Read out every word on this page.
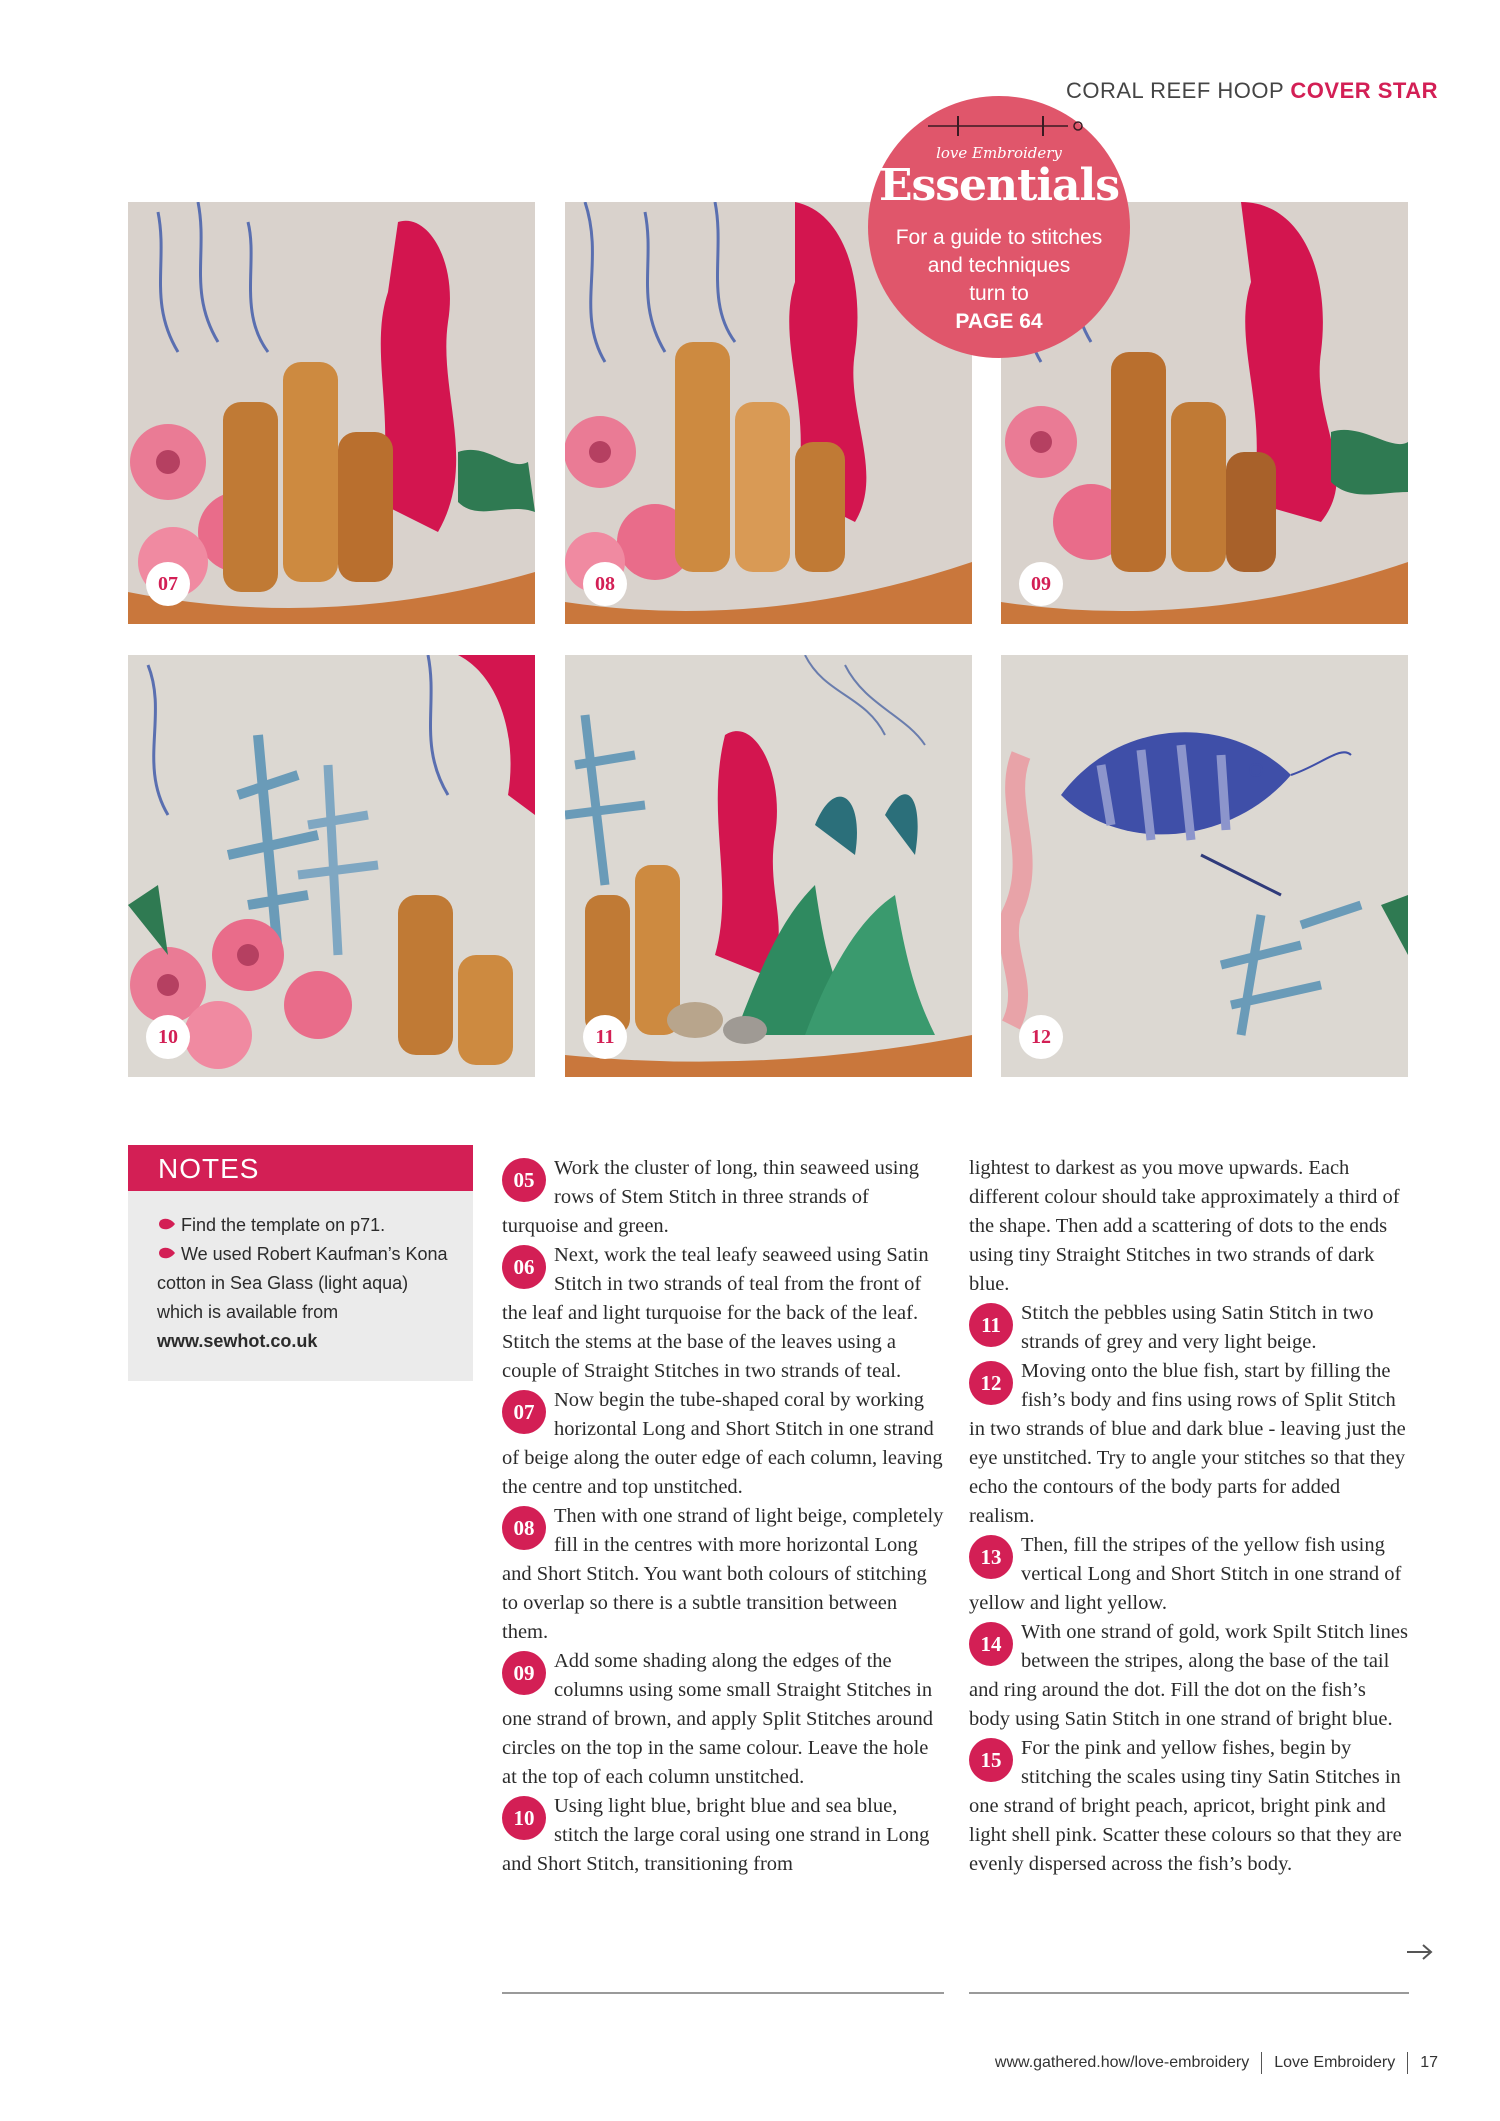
CORAL REEF HOOP COVER STAR
07	08	09
10	11	12
love Embroidery
Essentials
For a guide to stitches
and techniques
turn to
PAGE 64
NOTES
Find the template on p71.
We used Robert Kaufman’s Kona cotton in Sea Glass (light aqua) which is available from www.sewhot.co.uk

05 Work the cluster of long, thin seaweed using rows of Stem Stitch in three strands of turquoise and green.

06 Next, work the teal leafy seaweed using Satin Stitch in two strands of teal from the front of the leaf and light turquoise for the back of the leaf. Stitch the stems at the base of the leaves using a couple of Straight Stitches in two strands of teal.

07 Now begin the tube-shaped coral by working horizontal Long and Short Stitch in one strand of beige along the outer edge of each column, leaving the centre and top unstitched.

08 Then with one strand of light beige, completely fill in the centres with more horizontal Long and Short Stitch. You want both colours of stitching to overlap so there is a subtle transition between them.

09 Add some shading along the edges of the columns using some small Straight Stitches in one strand of brown, and apply Split Stitches around circles on the top in the same colour. Leave the hole at the top of each column unstitched.

10 Using light blue, bright blue and sea blue, stitch the large coral using one strand in Long and Short Stitch, transitioning from

lightest to darkest as you move upwards. Each different colour should take approximately a third of the shape. Then add a scattering of dots to the ends using tiny Straight Stitches in two strands of dark blue.

11 Stitch the pebbles using Satin Stitch in two strands of grey and very light beige.

12 Moving onto the blue fish, start by filling the fish’s body and fins using rows of Split Stitch in two strands of blue and dark blue - leaving just the eye unstitched. Try to angle your stitches so that they echo the contours of the body parts for added realism.

13 Then, fill the stripes of the yellow fish using vertical Long and Short Stitch in one strand of yellow and light yellow.

14 With one strand of gold, work Spilt Stitch lines between the stripes, along the base of the tail and ring around the dot. Fill the dot on the fish’s body using Satin Stitch in one strand of bright blue.

15 For the pink and yellow fishes, begin by stitching the scales using tiny Satin Stitches in one strand of bright peach, apricot, bright pink and light shell pink. Scatter these colours so that they are evenly dispersed across the fish’s body.

www.gathered.how/love-embroidery Love Embroidery 17
